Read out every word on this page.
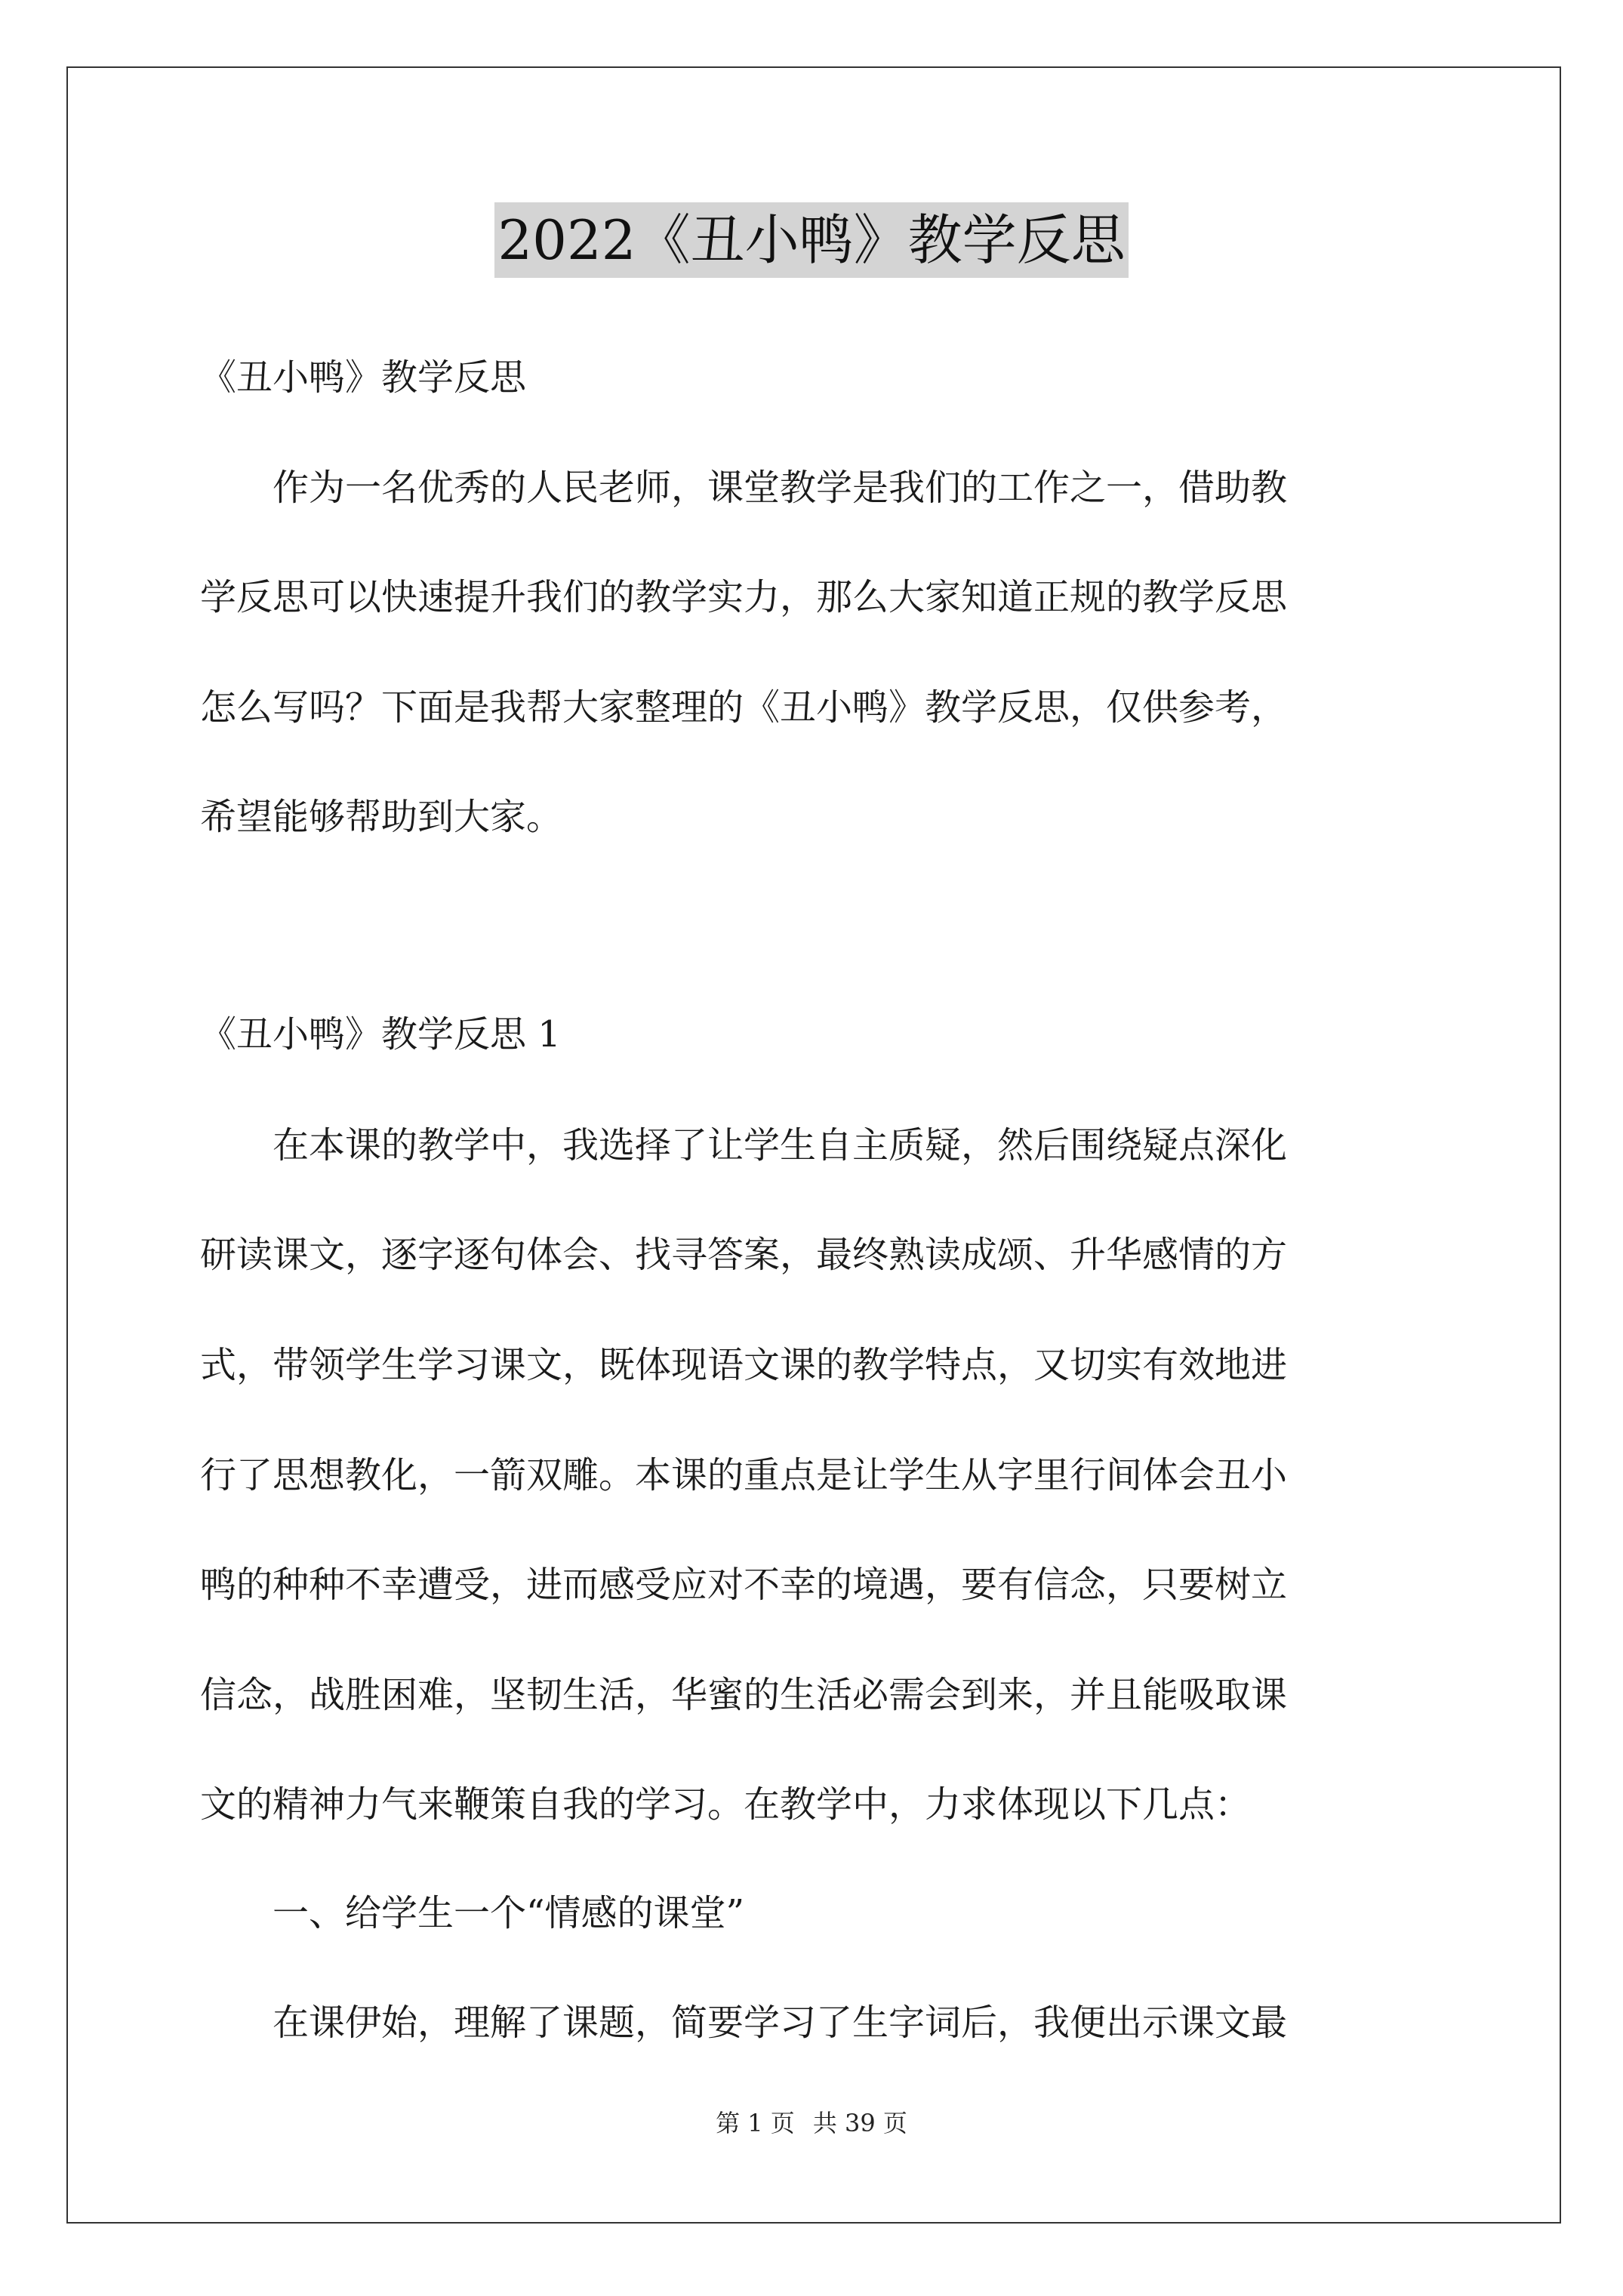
2022《丑小鸭》教学反思
《丑小鸭》教学反思
　　作为一名优秀的人民老师，课堂教学是我们的工作之一，借助教
学反思可以快速提升我们的教学实力，那么大家知道正规的教学反思
怎么写吗？下面是我帮大家整理的《丑小鸭》教学反思，仅供参考，
希望能够帮助到大家。
《丑小鸭》教学反思 1
　　在本课的教学中，我选择了让学生自主质疑，然后围绕疑点深化
研读课文，逐字逐句体会、找寻答案，最终熟读成颂、升华感情的方
式，带领学生学习课文，既体现语文课的教学特点，又切实有效地进
行了思想教化，一箭双雕。本课的重点是让学生从字里行间体会丑小
鸭的种种不幸遭受，进而感受应对不幸的境遇，要有信念，只要树立
信念，战胜困难，坚韧生活，华蜜的生活必需会到来，并且能吸取课
文的精神力气来鞭策自我的学习。在教学中，力求体现以下几点：
　　一、给学生一个“情感的课堂”
　　在课伊始，理解了课题，简要学习了生字词后，我便出示课文最
第 1 页 共 39 页
